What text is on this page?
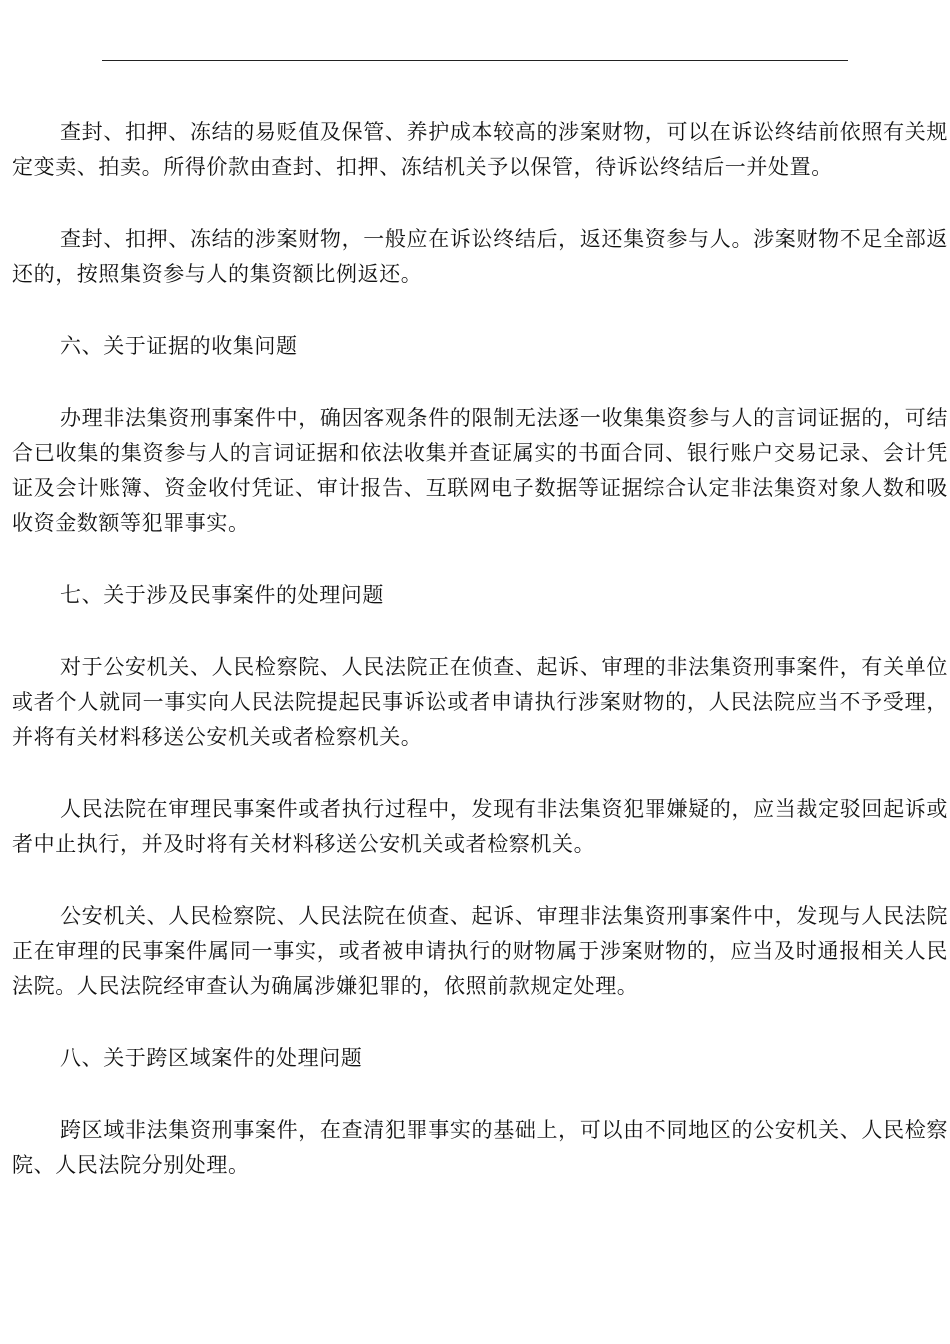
查封、扣押、冻结的易贬值及保管、养护成本较高的涉案财物，可以在诉讼终结前依照有关规定变卖、拍卖。所得价款由查封、扣押、冻结机关予以保管，待诉讼终结后一并处置。

查封、扣押、冻结的涉案财物，一般应在诉讼终结后，返还集资参与人。涉案财物不足全部返还的，按照集资参与人的集资额比例返还。

六、关于证据的收集问题

办理非法集资刑事案件中，确因客观条件的限制无法逐一收集集资参与人的言词证据的，可结合已收集的集资参与人的言词证据和依法收集并查证属实的书面合同、银行账户交易记录、会计凭证及会计账簿、资金收付凭证、审计报告、互联网电子数据等证据综合认定非法集资对象人数和吸收资金数额等犯罪事实。

七、关于涉及民事案件的处理问题

对于公安机关、人民检察院、人民法院正在侦查、起诉、审理的非法集资刑事案件，有关单位或者个人就同一事实向人民法院提起民事诉讼或者申请执行涉案财物的，人民法院应当不予受理，并将有关材料移送公安机关或者检察机关。

人民法院在审理民事案件或者执行过程中，发现有非法集资犯罪嫌疑的，应当裁定驳回起诉或者中止执行，并及时将有关材料移送公安机关或者检察机关。

公安机关、人民检察院、人民法院在侦查、起诉、审理非法集资刑事案件中，发现与人民法院正在审理的民事案件属同一事实，或者被申请执行的财物属于涉案财物的，应当及时通报相关人民法院。人民法院经审查认为确属涉嫌犯罪的，依照前款规定处理。

八、关于跨区域案件的处理问题

跨区域非法集资刑事案件，在查清犯罪事实的基础上，可以由不同地区的公安机关、人民检察院、人民法院分别处理。
